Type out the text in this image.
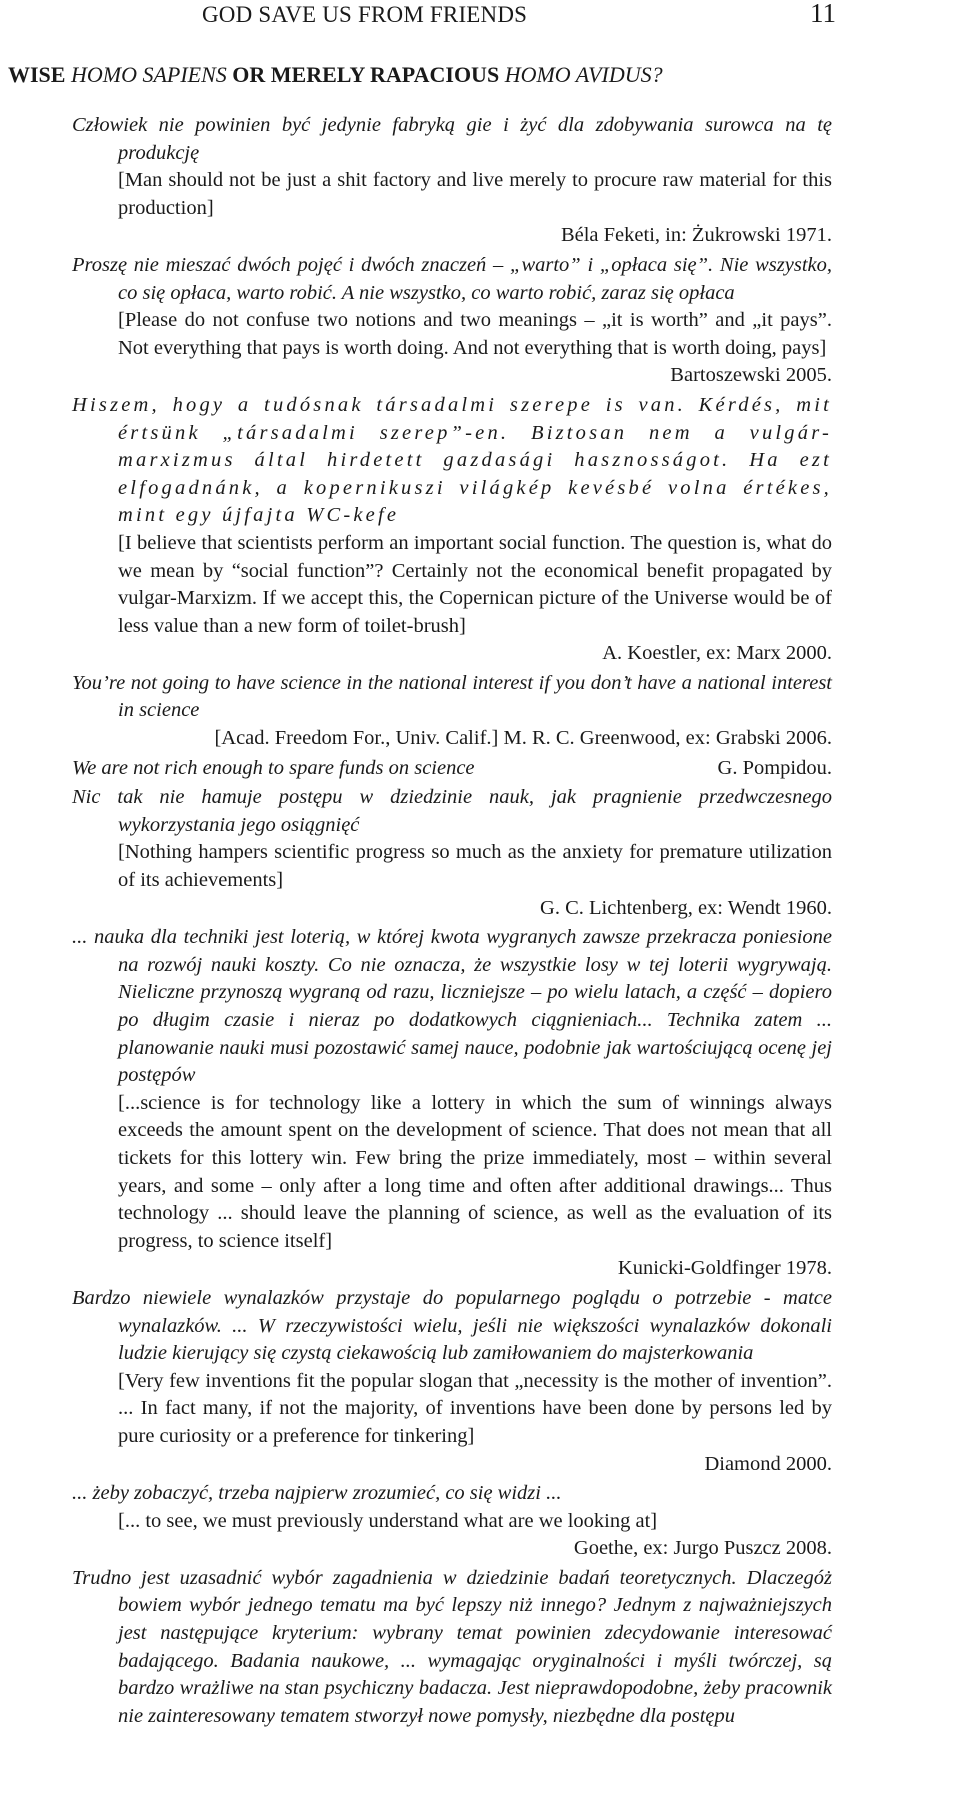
GOD SAVE US FROM FRIENDS	11
WISE HOMO SAPIENS OR MERELY RAPACIOUS HOMO AVIDUS?
Człowiek nie powinien być jedynie fabryką gie i żyć dla zdobywania surowca na tę produkcję
[Man should not be just a shit factory and live merely to procure raw material for this production]
Béla Feketi, in: Żukrowski 1971.
Proszę nie mieszać dwóch pojęć i dwóch znaczeń – „warto” i „opłaca się”. Nie wszystko, co się opłaca, warto robić. A nie wszystko, co warto robić, zaraz się opłaca
[Please do not confuse two notions and two meanings – „it is worth” and „it pays”. Not everything that pays is worth doing. And not everything that is worth doing, pays]
Bartoszewski 2005.
Hiszem, hogy a tudósnak társadalmi szerepe is van. Kérdés, mit értsünk „társadalmi szerep”-en. Biztosan nem a vulgár-marxizmus által hirdetett gazdasági hasznosságot. Ha ezt elfogadnánk, a kopernikuszi világkép kevésbé volna értékes, mint egy újfajta WC-kefe
[I believe that scientists perform an important social function. The question is, what do we mean by “social function”? Certainly not the economical benefit propagated by vulgar-Marxizm. If we accept this, the Copernican picture of the Universe would be of less value than a new form of toilet-brush]
A. Koestler, ex: Marx 2000.
You’re not going to have science in the national interest if you don’t have a national interest in science
[Acad. Freedom For., Univ. Calif.] M. R. C. Greenwood, ex: Grabski 2006.
G. Pompidou.
We are not rich enough to spare funds on science
Nic tak nie hamuje postępu w dziedzinie nauk, jak pragnienie przedwczesnego wykorzystania jego osiągnięć
[Nothing hampers scientific progress so much as the anxiety for premature utilization of its achievements]
G. C. Lichtenberg, ex: Wendt 1960.
... nauka dla techniki jest loterią, w której kwota wygranych zawsze przekracza poniesione na rozwój nauki koszty. Co nie oznacza, że wszystkie losy w tej loterii wygrywają. Nieliczne przynoszą wygraną od razu, liczniejsze – po wielu latach, a część – dopiero po długim czasie i nieraz po dodatkowych ciągnieniach... Technika zatem ... planowanie nauki musi pozostawić samej nauce, podobnie jak wartościującą ocenę jej postępów
[...science is for technology like a lottery in which the sum of winnings always exceeds the amount spent on the development of science. That does not mean that all tickets for this lottery win. Few bring the prize immediately, most – within several years, and some – only after a long time and often after additional drawings... Thus technology ... should leave the planning of science, as well as the evaluation of its progress, to science itself]
Kunicki-Goldfinger 1978.
Bardzo niewiele wynalazków przystaje do popularnego poglądu o potrzebie - matce wynalazków. ... W rzeczywistości wielu, jeśli nie większości wynalazków dokonali ludzie kierujący się czystą ciekawością lub zamiłowaniem do majsterkowania
[Very few inventions fit the popular slogan that „necessity is the mother of invention”. ... In fact many, if not the majority, of inventions have been done by persons led by pure curiosity or a preference for tinkering]
Diamond 2000.
... żeby zobaczyć, trzeba najpierw zrozumieć, co się widzi ...
[... to see, we must previously understand what are we looking at]
Goethe, ex: Jurgo Puszcz 2008.
Trudno jest uzasadnić wybór zagadnienia w dziedzinie badań teoretycznych. Dlaczegóż bowiem wybór jednego tematu ma być lepszy niż innego? Jednym z najważniejszych jest następujące kryterium: wybrany temat powinien zdecydowanie interesować badającego. Badania naukowe, ... wymagając oryginalności i myśli twórczej, są bardzo wrażliwe na stan psychiczny badacza. Jest nieprawdopodobne, żeby pracownik nie zainteresowany tematem stworzył nowe pomysły, niezbędne dla postępu
